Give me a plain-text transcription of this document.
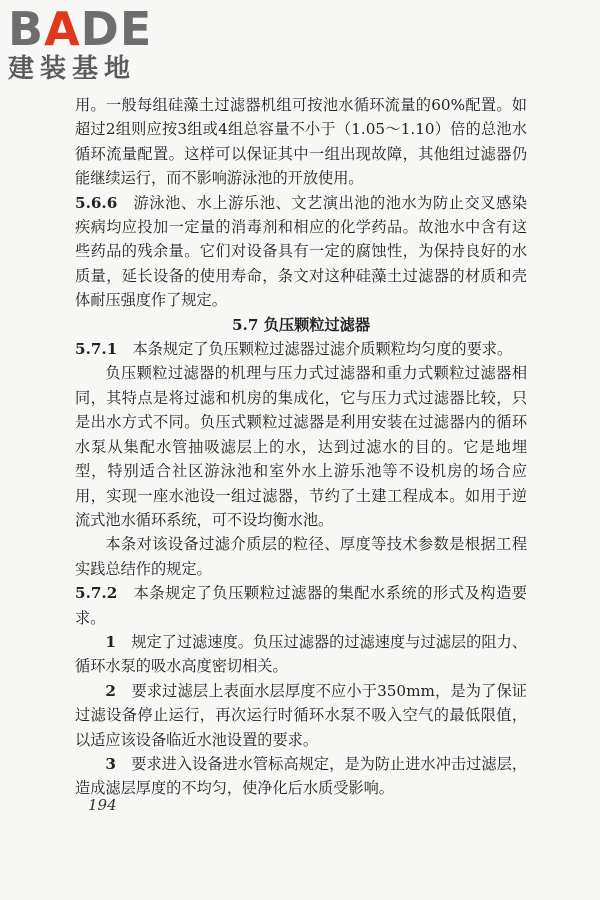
BADE
建装基地

用。一般每组硅藻土过滤器机组可按池水循环流量的60%配置。如超过2组则应按3组或4组总容量不小于（1.05～1.10）倍的总池水循环流量配置。这样可以保证其中一组出现故障，其他组过滤器仍能继续运行，而不影响游泳池的开放使用。

5.6.6　 游泳池、水上游乐池、文艺演出池的池水为防止交叉感染疾病均应投加一定量的消毒剂和相应的化学药品。故池水中含有这些药品的残余量。它们对设备具有一定的腐蚀性，为保持良好的水质量，延长设备的使用寿命，条文对这种硅藻土过滤器的材质和壳体耐压强度作了规定。

5.7 负压颗粒过滤器

5.7.1　 本条规定了负压颗粒过滤器过滤介质颗粒均匀度的要求。

负压颗粒过滤器的机理与压力式过滤器和重力式颗粒过滤器相同，其特点是将过滤和机房的集成化，它与压力式过滤器比较，只是出水方式不同。负压式颗粒过滤器是利用安装在过滤器内的循环水泵从集配水管抽吸滤层上的水，达到过滤水的目的。它是地埋型，特别适合社区游泳池和室外水上游乐池等不设机房的场合应用，实现一座水池设一组过滤器，节约了土建工程成本。如用于逆流式池水循环系统，可不设均衡水池。

本条对该设备过滤介质层的粒径、厚度等技术参数是根据工程实践总结作的规定。

5.7.2　 本条规定了负压颗粒过滤器的集配水系统的形式及构造要求。

1　 规定了过滤速度。负压过滤器的过滤速度与过滤层的阻力、循环水泵的吸水高度密切相关。

2　 要求过滤层上表面水层厚度不应小于350mm，是为了保证过滤设备停止运行，再次运行时循环水泵不吸入空气的最低限值，以适应该设备临近水池设置的要求。

3　 要求进入设备进水管标高规定，是为防止进水冲击过滤层，造成滤层厚度的不均匀，使净化后水质受影响。

194
